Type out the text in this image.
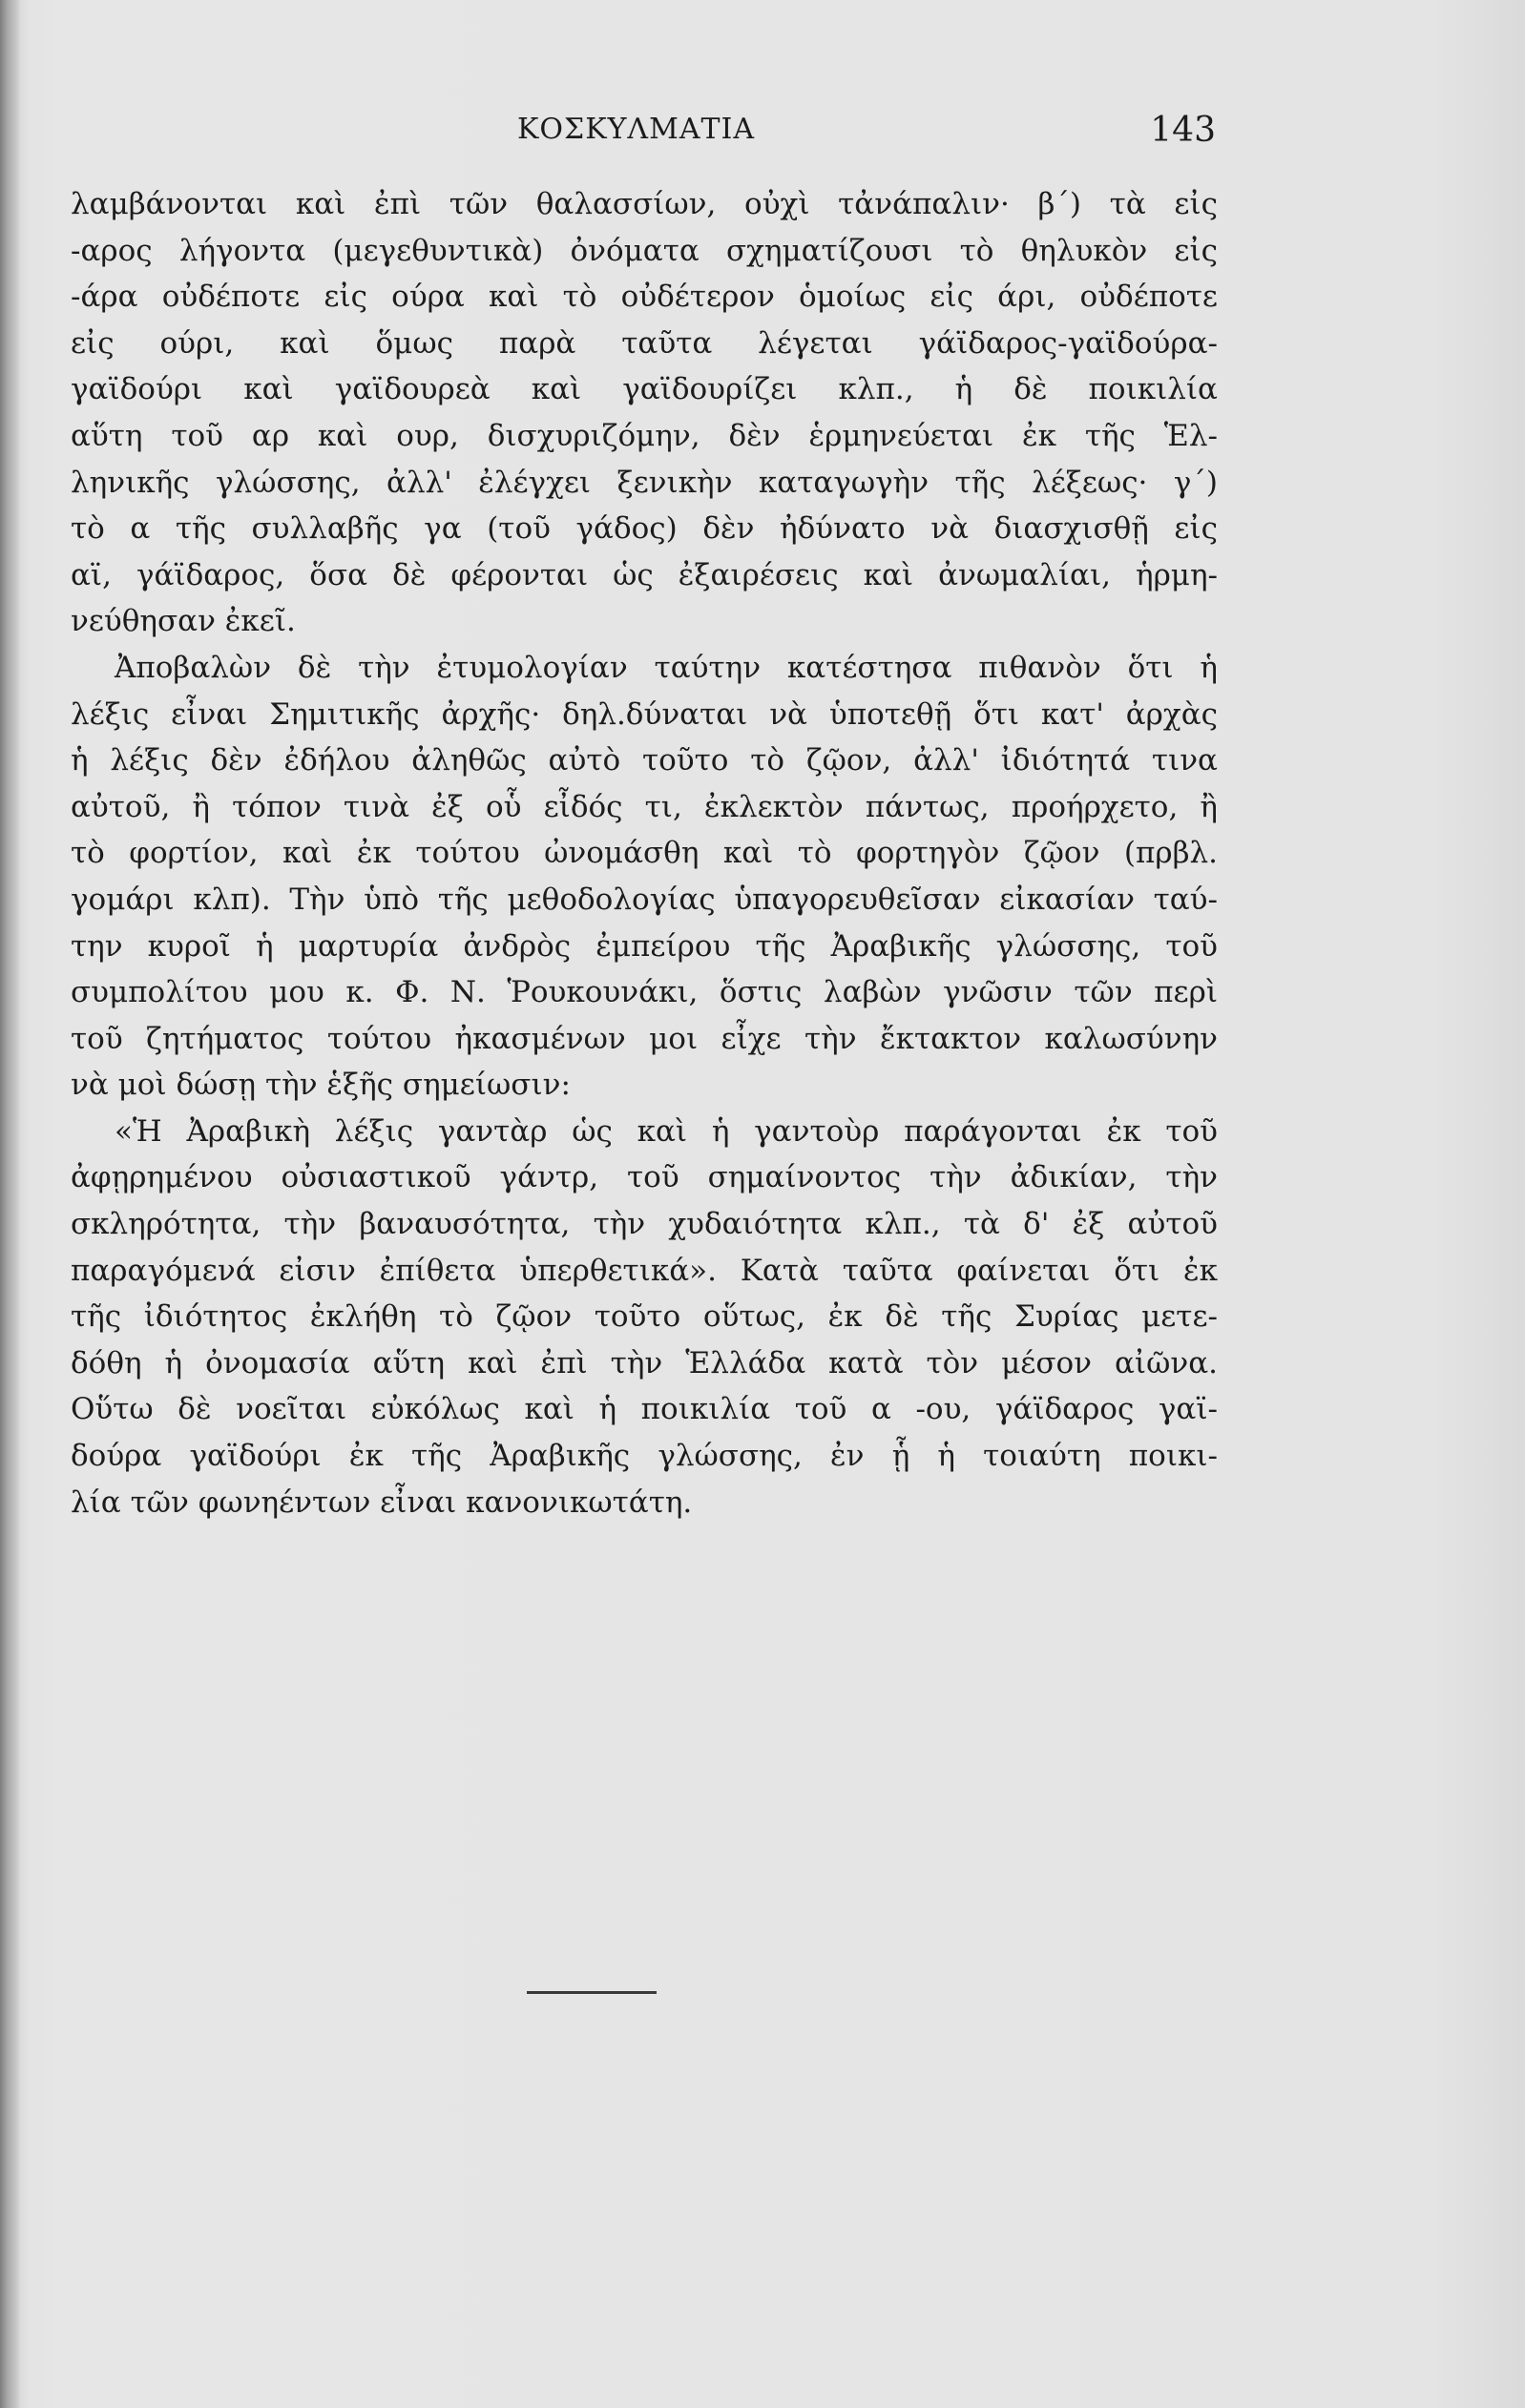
ΚΟΣΚΥΛΜΑΤΙΑ	143
λαμβάνονται καὶ ἐπὶ τῶν θαλασσίων, οὐχὶ τἀνάπαλιν· β΄) τὰ εἰς
-αρος λήγοντα (μεγεθυντικὰ) ὀνόματα σχηματίζουσι τὸ θηλυκὸν εἰς
-άρα οὐδέποτε εἰς ούρα καὶ τὸ οὐδέτερον ὁμοίως εἰς άρι, οὐδέποτε
εἰς ούρι, καὶ ὅμως παρὰ ταῦτα λέγεται γάϊδαρος-γαϊδούρα-
γαϊδούρι καὶ γαϊδουρεὰ καὶ γαϊδουρίζει κλπ., ἡ δὲ ποικιλία
αὕτη τοῦ αρ καὶ ουρ, δισχυριζόμην, δὲν ἑρμηνεύεται ἐκ τῆς Ἑλ-
ληνικῆς γλώσσης, ἀλλ' ἐλέγχει ξενικὴν καταγωγὴν τῆς λέξεως· γ΄)
τὸ α τῆς συλλαβῆς γα (τοῦ γάδος) δὲν ἠδύνατο νὰ διασχισθῇ εἰς
αϊ, γάϊδαρος, ὅσα δὲ φέρονται ὡς ἐξαιρέσεις καὶ ἀνωμαλίαι, ἡρμη-
νεύθησαν ἐκεῖ.
Ἀποβαλὼν δὲ τὴν ἐτυμολογίαν ταύτην κατέστησα πιθανὸν ὅτι ἡ
λέξις εἶναι Σημιτικῆς ἀρχῆς· δηλ.δύναται νὰ ὑποτεθῇ ὅτι κατ' ἀρχὰς
ἡ λέξις δὲν ἐδήλου ἀληθῶς αὐτὸ τοῦτο τὸ ζῷον, ἀλλ' ἰδιότητά τινα
αὐτοῦ, ἢ τόπον τινὰ ἐξ οὗ εἶδός τι, ἐκλεκτὸν πάντως, προήρχετο, ἢ
τὸ φορτίον, καὶ ἐκ τούτου ὠνομάσθη καὶ τὸ φορτηγὸν ζῷον (πρβλ.
γομάρι κλπ). Τὴν ὑπὸ τῆς μεθοδολογίας ὑπαγορευθεῖσαν εἰκασίαν ταύ-
την κυροῖ ἡ μαρτυρία ἀνδρὸς ἐμπείρου τῆς Ἀραβικῆς γλώσσης, τοῦ
συμπολίτου μου κ. Φ. Ν. Ῥουκουνάκι, ὅστις λαβὼν γνῶσιν τῶν περὶ
τοῦ ζητήματος τούτου ἠκασμένων μοι εἶχε τὴν ἔκτακτον καλωσύνην
νὰ μοὶ δώσῃ τὴν ἑξῆς σημείωσιν:
«Ἡ Ἀραβικὴ λέξις γαντὰρ ὡς καὶ ἡ γαντοὺρ παράγονται ἐκ τοῦ
ἀφῃρημένου οὐσιαστικοῦ γάντρ, τοῦ σημαίνοντος τὴν ἀδικίαν, τὴν
σκληρότητα, τὴν βαναυσότητα, τὴν χυδαιότητα κλπ., τὰ δ' ἐξ αὐτοῦ
παραγόμενά εἰσιν ἐπίθετα ὑπερθετικά». Κατὰ ταῦτα φαίνεται ὅτι ἐκ
τῆς ἰδιότητος ἐκλήθη τὸ ζῷον τοῦτο οὕτως, ἐκ δὲ τῆς Συρίας μετε-
δόθη ἡ ὀνομασία αὕτη καὶ ἐπὶ τὴν Ἑλλάδα κατὰ τὸν μέσον αἰῶνα.
Οὕτω δὲ νοεῖται εὐκόλως καὶ ἡ ποικιλία τοῦ α -ου, γάϊδαρος γαϊ-
δούρα γαϊδούρι ἐκ τῆς Ἀραβικῆς γλώσσης, ἐν ᾗ ἡ τοιαύτη ποικι-
λία τῶν φωνηέντων εἶναι κανονικωτάτη.
